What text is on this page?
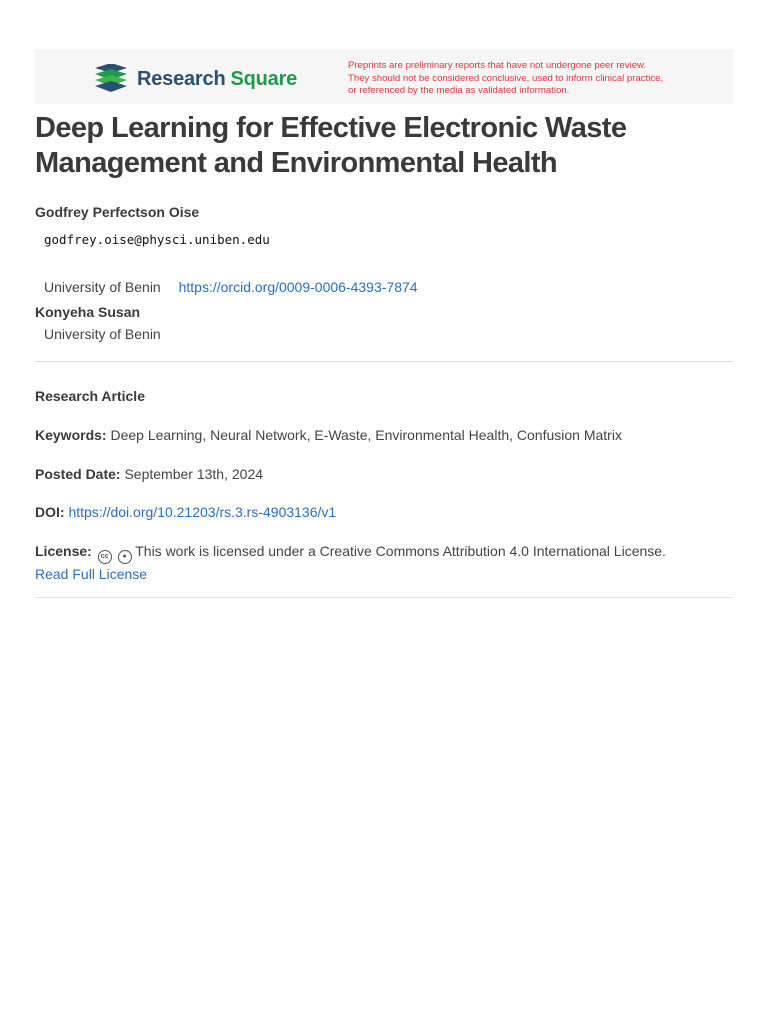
Research Square
Preprints are preliminary reports that have not undergone peer review.
They should not be considered conclusive, used to inform clinical practice,
or referenced by the media as validated information.
Deep Learning for Effective Electronic Waste
Management and Environmental Health
Godfrey Perfectson Oise
godfrey.oise@physci.uniben.edu
University of Benin https://orcid.org/0009-0006-4393-7874
Konyeha Susan
University of Benin
Research Article
Keywords: Deep Learning, Neural Network, E-Waste, Environmental Health, Confusion Matrix
Posted Date: September 13th, 2024
DOI: https://doi.org/10.21203/rs.3.rs-4903136/v1
License: cc ● This work is licensed under a Creative Commons Attribution 4.0 International License.
Read Full License
